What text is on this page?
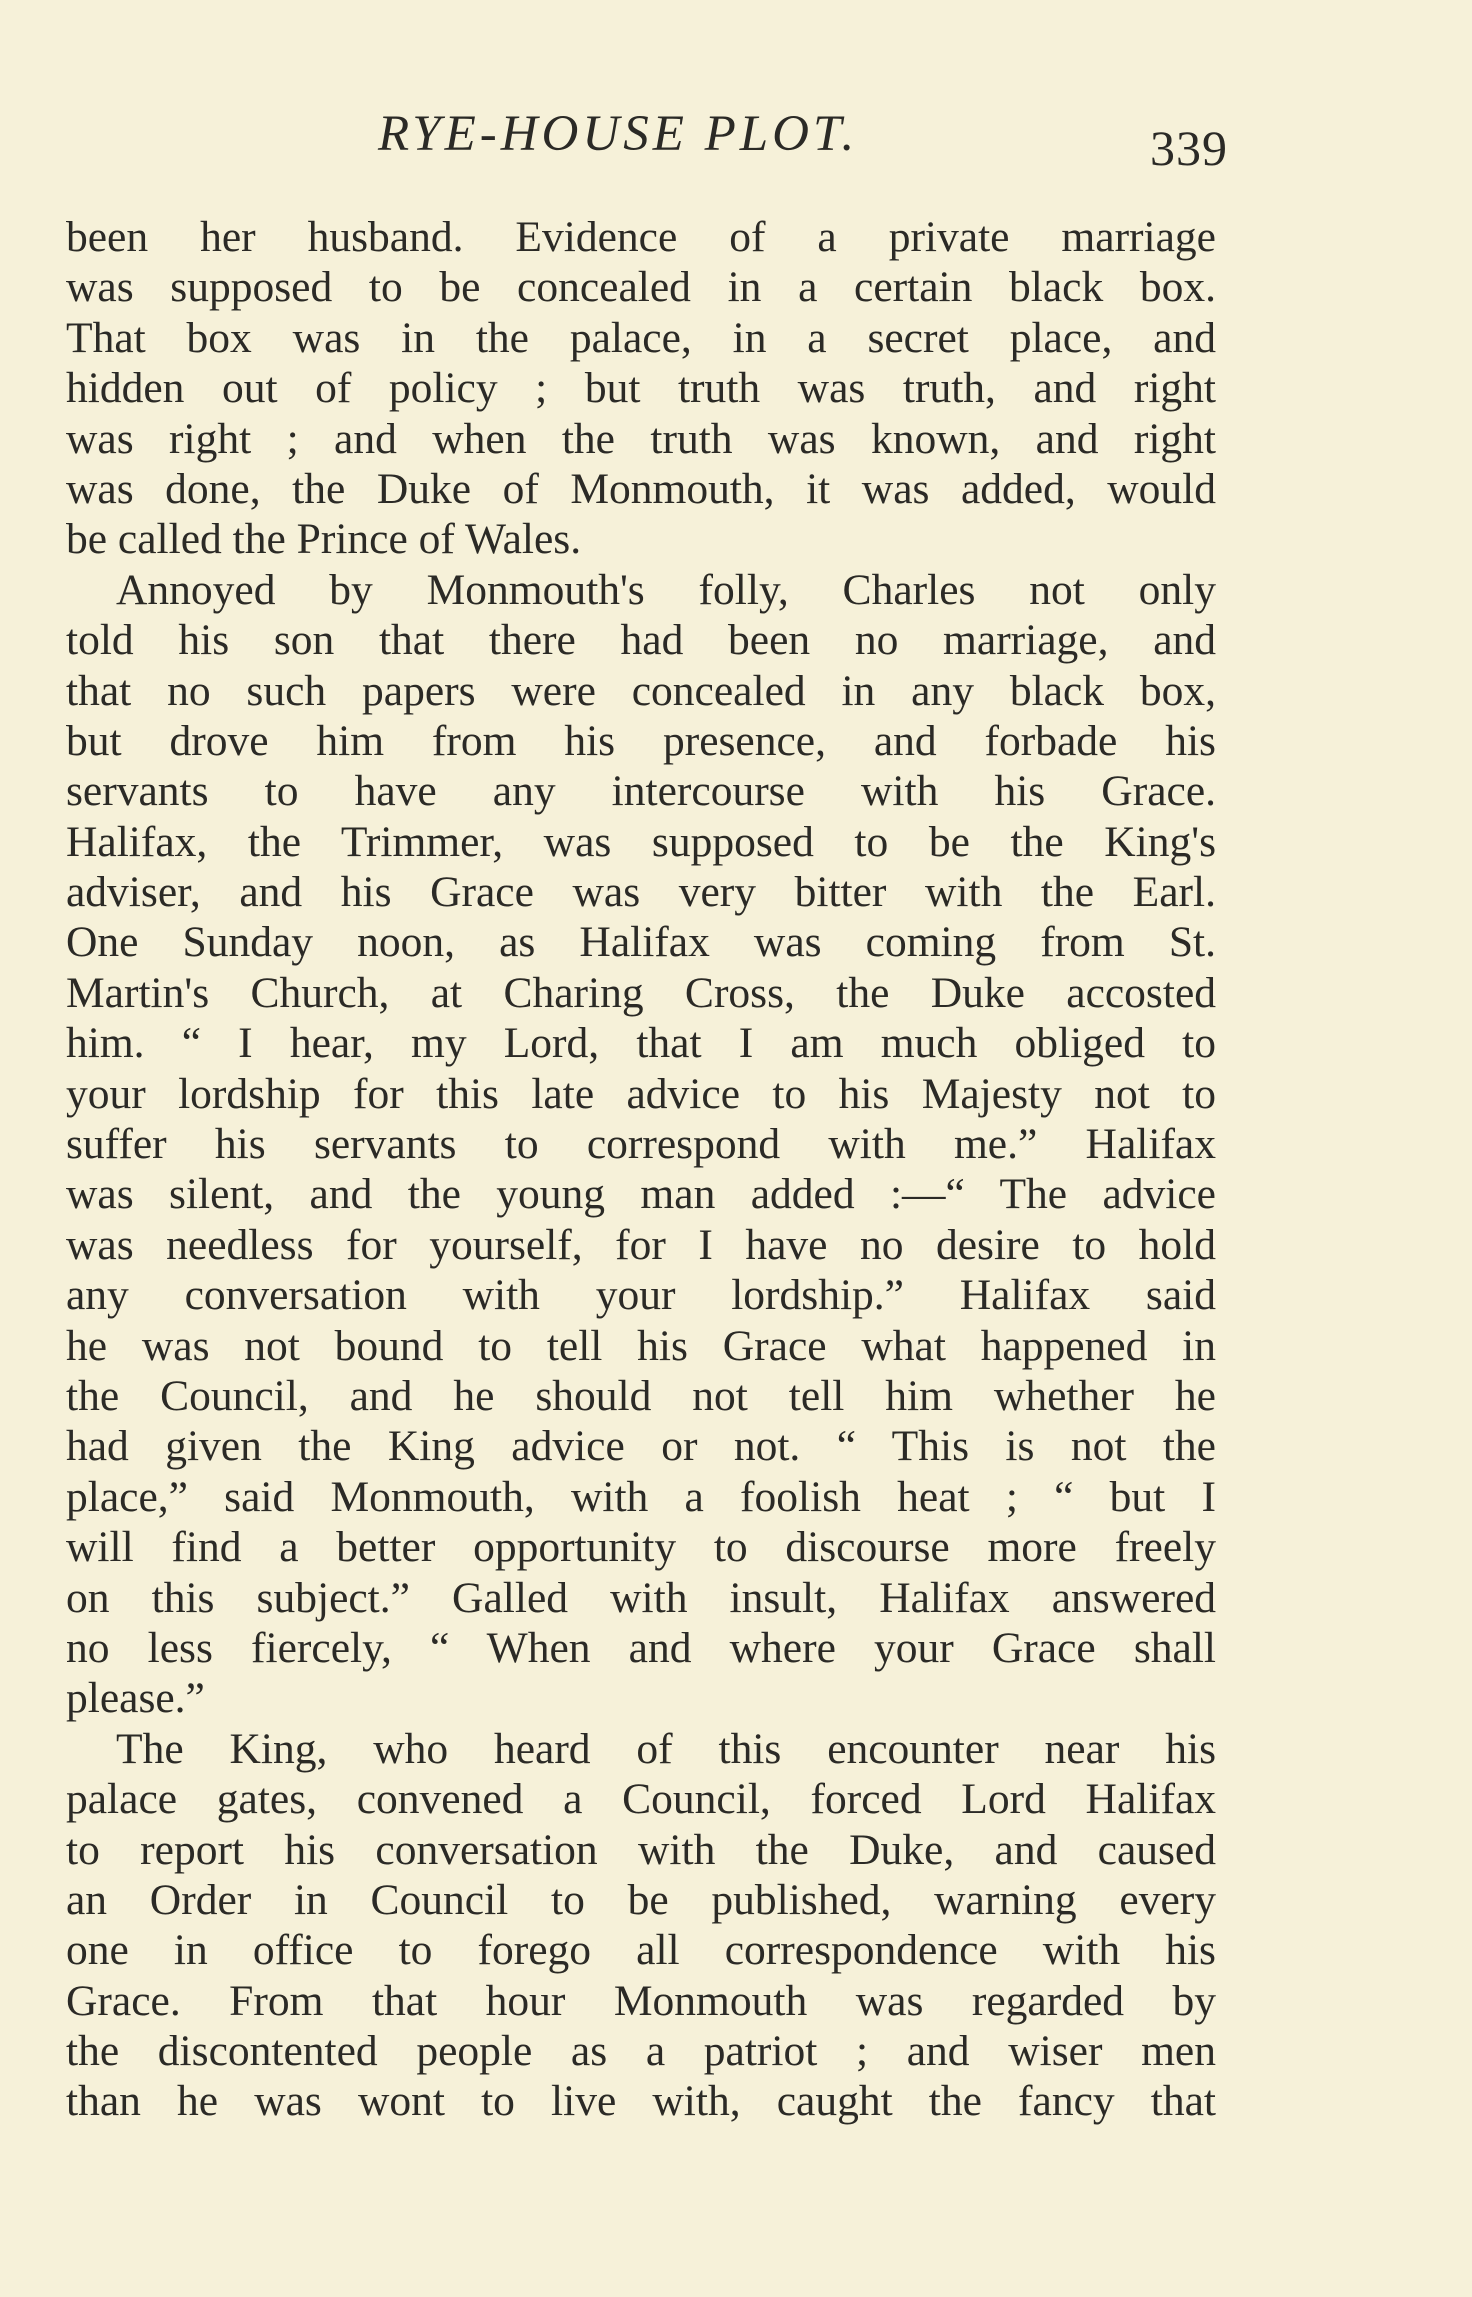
RYE-HOUSE PLOT.	339
been her husband. Evidence of a private marriage
was supposed to be concealed in a certain black box.
That box was in the palace, in a secret place, and
hidden out of policy ; but truth was truth, and right
was right ; and when the truth was known, and right
was done, the Duke of Monmouth, it was added, would
be called the Prince of Wales.
Annoyed by Monmouth's folly, Charles not only
told his son that there had been no marriage, and
that no such papers were concealed in any black box,
but drove him from his presence, and forbade his
servants to have any intercourse with his Grace.
Halifax, the Trimmer, was supposed to be the King's
adviser, and his Grace was very bitter with the Earl.
One Sunday noon, as Halifax was coming from St.
Martin's Church, at Charing Cross, the Duke accosted
him. “ I hear, my Lord, that I am much obliged to
your lordship for this late advice to his Majesty not to
suffer his servants to correspond with me.” Halifax
was silent, and the young man added :—“ The advice
was needless for yourself, for I have no desire to hold
any conversation with your lordship.” Halifax said
he was not bound to tell his Grace what happened in
the Council, and he should not tell him whether he
had given the King advice or not. “ This is not the
place,” said Monmouth, with a foolish heat ; “ but I
will find a better opportunity to discourse more freely
on this subject.” Galled with insult, Halifax answered
no less fiercely, “ When and where your Grace shall
please.”
The King, who heard of this encounter near his
palace gates, convened a Council, forced Lord Halifax
to report his conversation with the Duke, and caused
an Order in Council to be published, warning every
one in office to forego all correspondence with his
Grace. From that hour Monmouth was regarded by
the discontented people as a patriot ; and wiser men
than he was wont to live with, caught the fancy that
